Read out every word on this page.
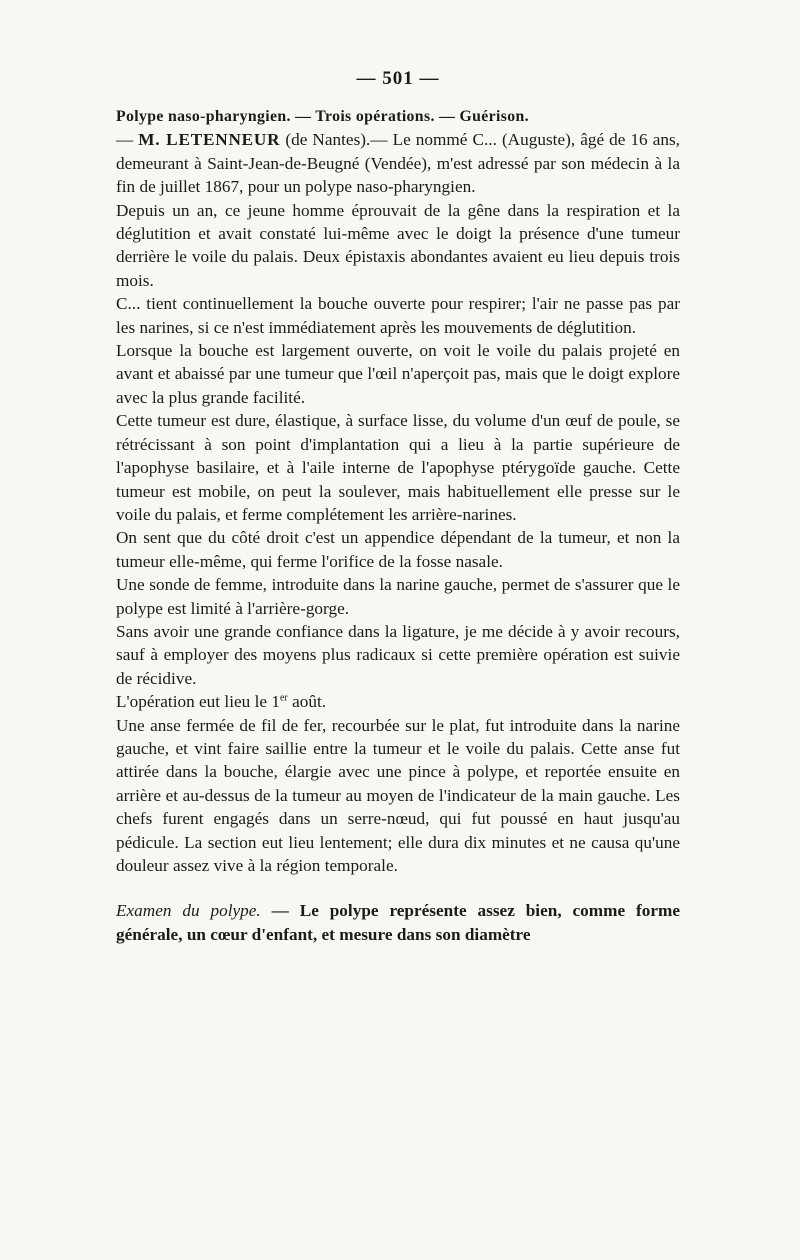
— 501 —

Polype naso-pharyngien. — Trois opérations. — Guérison.
— M. LETENNEUR (de Nantes).— Le nommé C... (Auguste), âgé de 16 ans, demeurant à Saint-Jean-de-Beugné (Vendée), m'est adressé par son médecin à la fin de juillet 1867, pour un polype naso-pharyngien.

Depuis un an, ce jeune homme éprouvait de la gêne dans la respiration et la déglutition et avait constaté lui-même avec le doigt la présence d'une tumeur derrière le voile du palais. Deux épistaxis abondantes avaient eu lieu depuis trois mois.

C... tient continuellement la bouche ouverte pour respirer; l'air ne passe pas par les narines, si ce n'est immédiatement après les mouvements de déglutition.

Lorsque la bouche est largement ouverte, on voit le voile du palais projeté en avant et abaissé par une tumeur que l'œil n'aperçoit pas, mais que le doigt explore avec la plus grande facilité.

Cette tumeur est dure, élastique, à surface lisse, du volume d'un œuf de poule, se rétrécissant à son point d'implantation qui a lieu à la partie supérieure de l'apophyse basilaire, et à l'aile interne de l'apophyse ptérygoïde gauche. Cette tumeur est mobile, on peut la soulever, mais habituellement elle presse sur le voile du palais, et ferme complétement les arrière-narines.

On sent que du côté droit c'est un appendice dépendant de la tumeur, et non la tumeur elle-même, qui ferme l'orifice de la fosse nasale.

Une sonde de femme, introduite dans la narine gauche, permet de s'assurer que le polype est limité à l'arrière-gorge.

Sans avoir une grande confiance dans la ligature, je me décide à y avoir recours, sauf à employer des moyens plus radicaux si cette première opération est suivie de récidive.

L'opération eut lieu le 1er août.

Une anse fermée de fil de fer, recourbée sur le plat, fut introduite dans la narine gauche, et vint faire saillie entre la tumeur et le voile du palais. Cette anse fut attirée dans la bouche, élargie avec une pince à polype, et reportée ensuite en arrière et au-dessus de la tumeur au moyen de l'indicateur de la main gauche. Les chefs furent engagés dans un serre-nœud, qui fut poussé en haut jusqu'au pédicule. La section eut lieu lentement; elle dura dix minutes et ne causa qu'une douleur assez vive à la région temporale.

Examen du polype. — Le polype représente assez bien, comme forme générale, un cœur d'enfant, et mesure dans son diamètre
